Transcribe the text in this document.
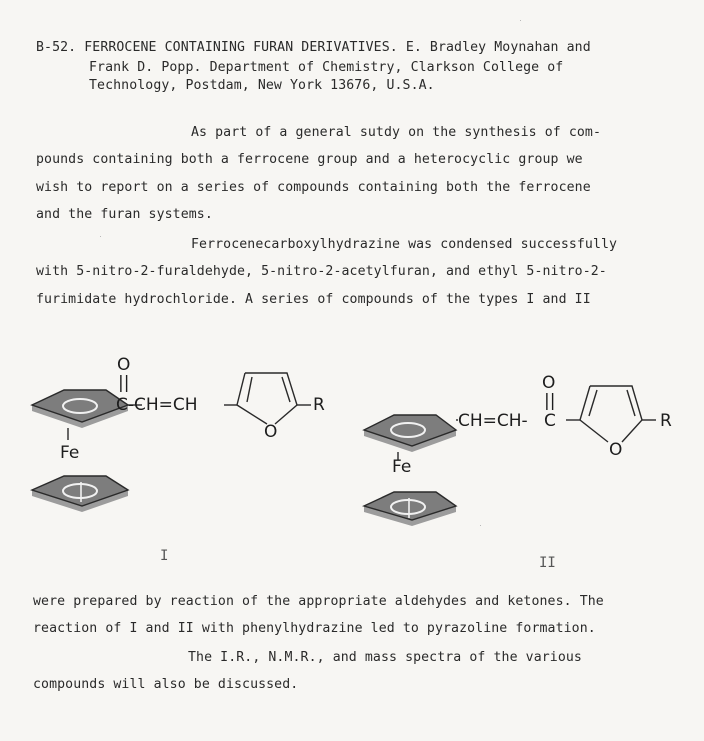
B-52. FERROCENE CONTAINING FURAN DERIVATIVES. E. Bradley Moynahan and
Frank D. Popp. Department of Chemistry, Clarkson College of
Technology, Postdam, New York 13676, U.S.A.
As part of a general sutdy on the synthesis of com-
pounds containing both a ferrocene group and a heterocyclic group we
wish to report on a series of compounds containing both the ferrocene
and the furan systems.
Ferrocenecarboxylhydrazine was condensed successfully
with 5-nitro-2-furaldehyde, 5-nitro-2-acetylfuran, and ethyl 5-nitro-2-
furimidate hydrochloride. A series of compounds of the types I and II
Fe
O
||
C-CH=CH
O
R
I
Fe
CH=CH-
O
||
C
O
R
II
were prepared by reaction of the appropriate aldehydes and ketones. The
reaction of I and II with phenylhydrazine led to pyrazoline formation.
The I.R., N.M.R., and mass spectra of the various
compounds will also be discussed.
